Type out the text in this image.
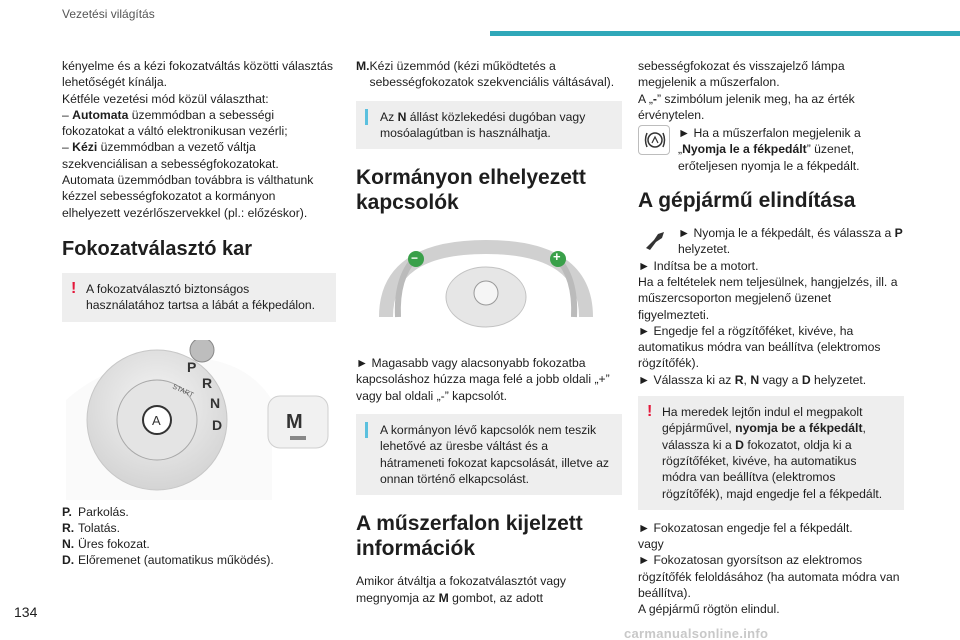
Vezetési világítás

kényelme és a kézi fokozatváltás közötti választás lehetőségét kínálja.

Kétféle vezetési mód közül választhat:

– Automata üzemmódban a sebességi fokozatokat a váltó elektronikusan vezérli;

– Kézi üzemmódban a vezető váltja szekvenciálisan a sebességfokozatokat.

Automata üzemmódban továbbra is válthatunk kézzel sebességfokozatot a kormányon elhelyezett vezérlőszervekkel (pl.: előzéskor).

Fokozatválasztó kar
! A fokozatválasztó biztonságos használatához tartsa a lábát a fékpedálon.
A
START
P
R
N
D	M
P. Parkolás.
R. Tolatás.
N. Üres fokozat.
D. Előremenet (automatikus működés).
M. Kézi üzemmód (kézi működtetés a sebességfokozatok szekvenciális váltásával).
Az N állást közlekedési dugóban vagy mosóalagútban is használhatja.
Kormányon elhelyezett kapcsolók
−	+

► Magasabb vagy alacsonyabb fokozatba kapcsoláshoz húzza maga felé a jobb oldali „+” vagy bal oldali „-” kapcsolót.

A kormányon lévő kapcsolók nem teszik lehetővé az üresbe váltást és a hátrameneti fokozat kapcsolását, illetve az onnan történő elkapcsolást.
A műszerfalon kijelzett információk

Amikor átváltja a fokozatválasztót vagy megnyomja az M gombot, az adott

sebességfokozat és visszajelző lámpa megjelenik a műszerfalon.

A „-” szimbólum jelenik meg, ha az érték érvénytelen.

► Ha a műszerfalon megjelenik a „Nyomja le a fékpedált” üzenet, erőteljesen nyomja le a fékpedált.
A gépjármű elindítása
► Nyomja le a fékpedált, és válassza a P helyzetet.

► Indítsa be a motort.

Ha a feltételek nem teljesülnek, hangjelzés, ill. a műszercsoporton megjelenő üzenet figyelmezteti.

► Engedje fel a rögzítőféket, kivéve, ha automatikus módra van beállítva (elektromos rögzítőfék).

► Válassza ki az R, N vagy a D helyzetet.

! Ha meredek lejtőn indul el megpakolt gépjárművel, nyomja be a fékpedált, válassza ki a D fokozatot, oldja ki a rögzítőféket, kivéve, ha automatikus módra van beállítva (elektromos rögzítőfék), majd engedje fel a fékpedált.

► Fokozatosan engedje fel a fékpedált.

vagy

► Fokozatosan gyorsítson az elektromos rögzítőfék feloldásához (ha automata módra van beállítva).

A gépjármű rögtön elindul.

134
carmanualsonline.info
